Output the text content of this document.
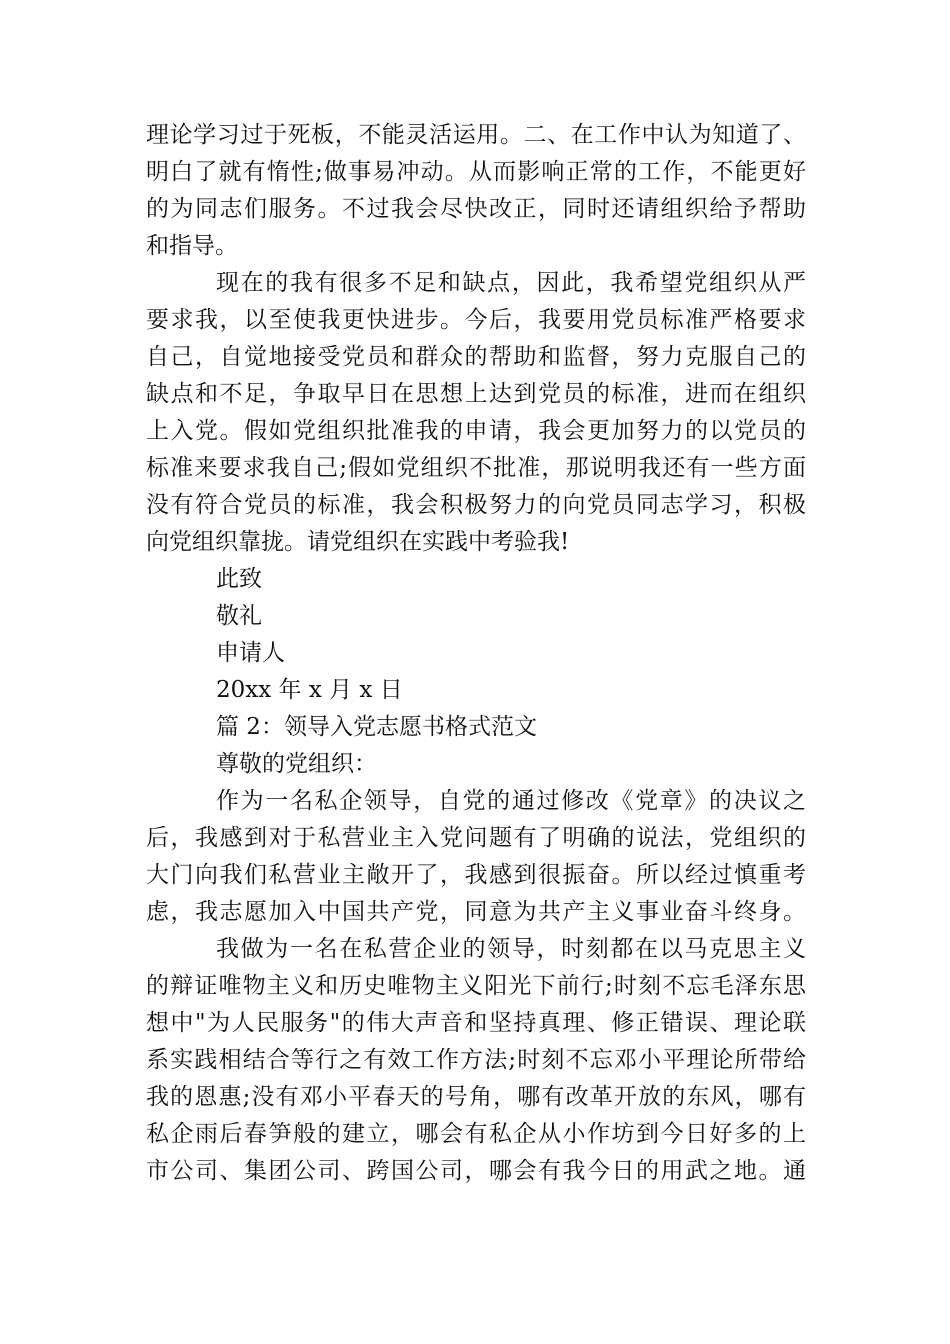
理论学习过于死板，不能灵活运用。二、在工作中认为知道了、
明白了就有惰性;做事易冲动。从而影响正常的工作，不能更好
的为同志们服务。不过我会尽快改正，同时还请组织给予帮助
和指导。
现在的我有很多不足和缺点，因此，我希望党组织从严
要求我，以至使我更快进步。今后，我要用党员标准严格要求
自己，自觉地接受党员和群众的帮助和监督，努力克服自己的
缺点和不足，争取早日在思想上达到党员的标准，进而在组织
上入党。假如党组织批准我的申请，我会更加努力的以党员的
标准来要求我自己;假如党组织不批准，那说明我还有一些方面
没有符合党员的标准，我会积极努力的向党员同志学习，积极
向党组织靠拢。请党组织在实践中考验我!
此致
敬礼
申请人
20xx 年 x 月 x 日
篇 2：领导入党志愿书格式范文
尊敬的党组织：
作为一名私企领导，自党的通过修改《党章》的决议之
后，我感到对于私营业主入党问题有了明确的说法，党组织的
大门向我们私营业主敞开了，我感到很振奋。所以经过慎重考
虑，我志愿加入中国共产党，同意为共产主义事业奋斗终身。
我做为一名在私营企业的领导，时刻都在以马克思主义
的辩证唯物主义和历史唯物主义阳光下前行;时刻不忘毛泽东思
想中"为人民服务"的伟大声音和坚持真理、修正错误、理论联
系实践相结合等行之有效工作方法;时刻不忘邓小平理论所带给
我的恩惠;没有邓小平春天的号角，哪有改革开放的东风，哪有
私企雨后春笋般的建立，哪会有私企从小作坊到今日好多的上
市公司、集团公司、跨国公司，哪会有我今日的用武之地。通
